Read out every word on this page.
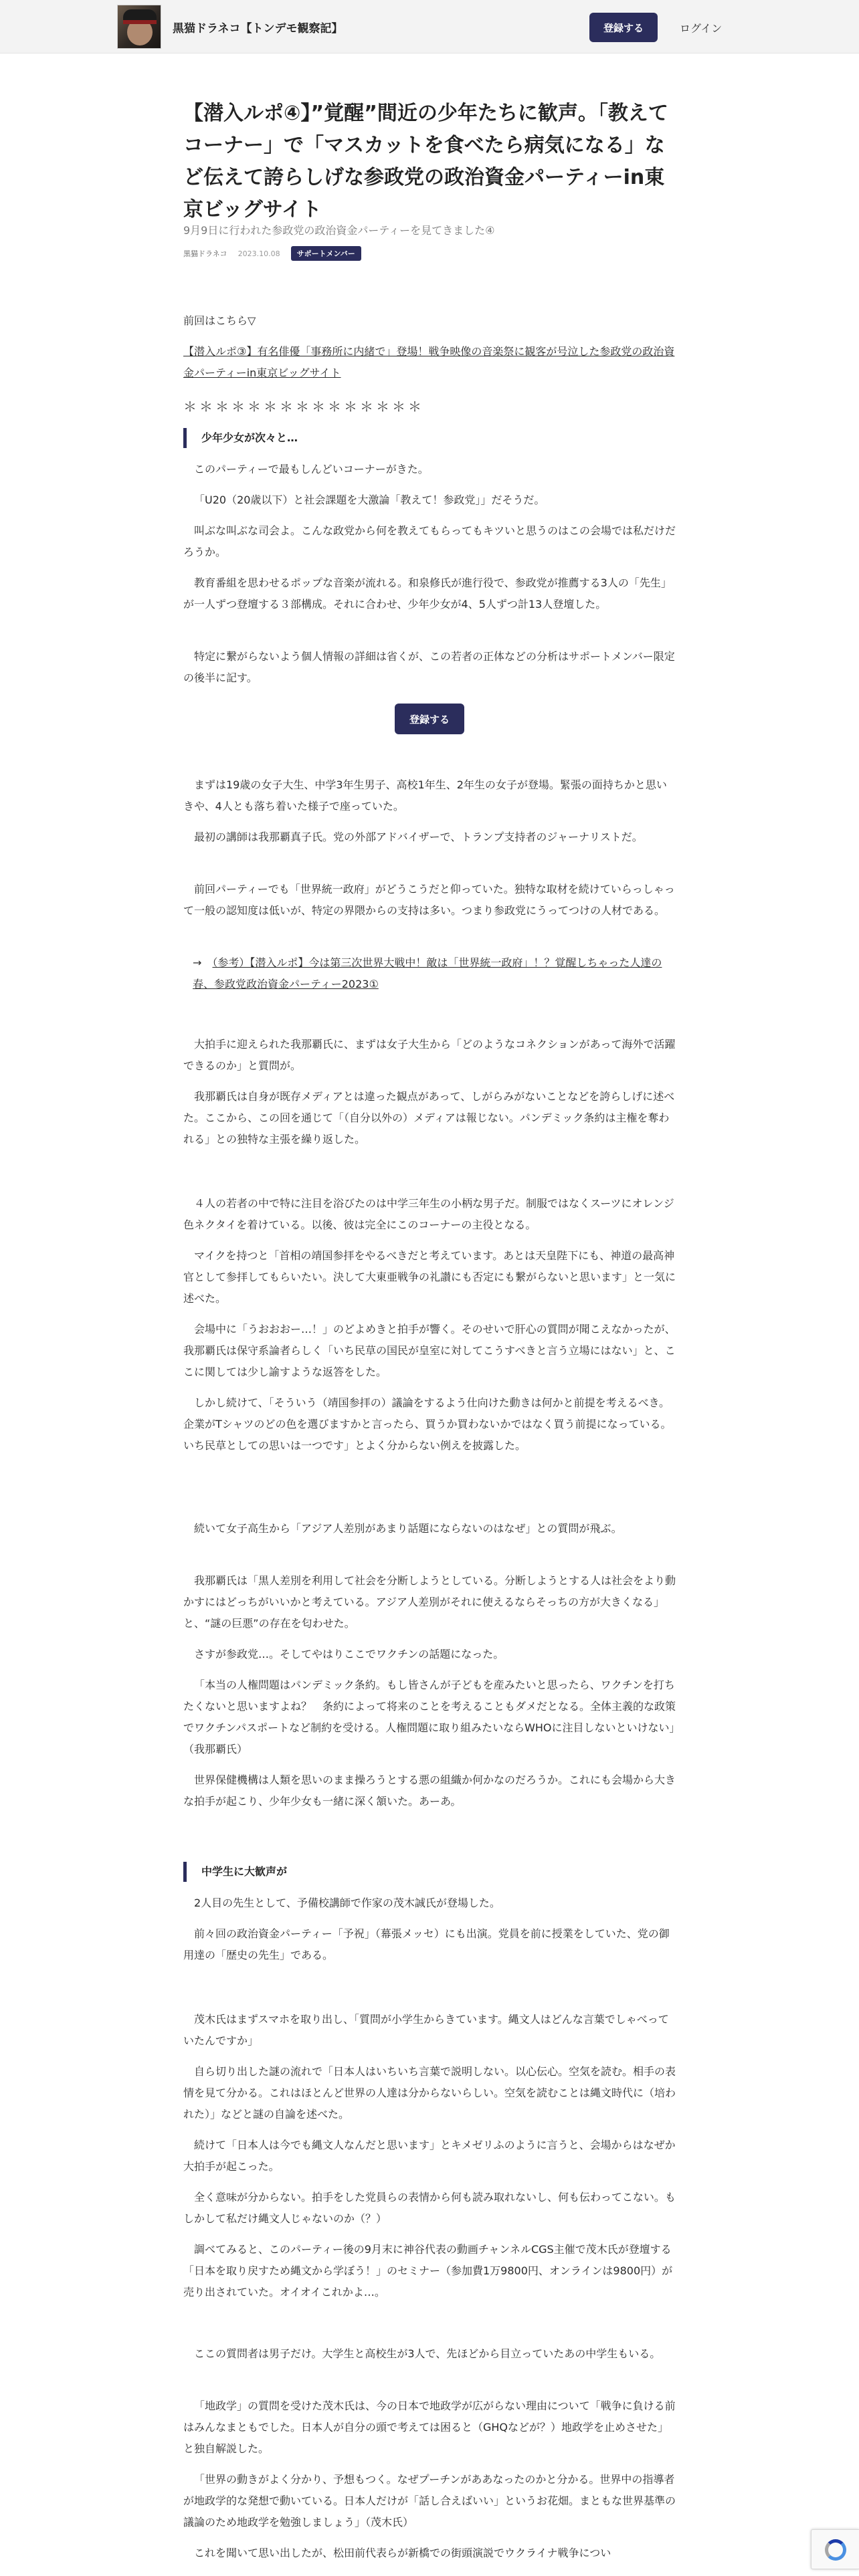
黒猫ドラネコ【トンデモ観察記】	登録する	ログイン
【潜入ルポ④】”覚醒”間近の少年たちに歓声。「教えてコーナー」で「マスカットを食べたら病気になる」など伝えて誇らしげな参政党の政治資金パーティーin東京ビッグサイト
9月9日に行われた参政党の政治資金パーティーを見てきました④
黒猫ドラネコ 2023.10.08	サポートメンバー

前回はこちら▽

【潜入ルポ③】有名俳優「事務所に内緒で」登場！戦争映像の音楽祭に観客が号泣した参政党の政治資金パーティーin東京ビッグサイト

＊＊＊＊＊＊＊＊＊＊＊＊＊＊＊
少年少女が次々と…

このパーティーで最もしんどいコーナーがきた。

「U20（20歳以下）と社会課題を大激論「教えて！参政党」」だそうだ。

叫ぶな叫ぶな司会よ。こんな政党から何を教えてもらってもキツいと思うのはこの会場では私だけだろうか。

教育番組を思わせるポップな音楽が流れる。和泉修氏が進行役で、参政党が推薦する3人の「先生」が一人ずつ登壇する３部構成。それに合わせ、少年少女が4、5人ずつ計13人登壇した。

特定に繋がらないよう個人情報の詳細は省くが、この若者の正体などの分析はサポートメンバー限定の後半に記す。

登録する

まずは19歳の女子大生、中学3年生男子、高校1年生、2年生の女子が登場。緊張の面持ちかと思いきや、4人とも落ち着いた様子で座っていた。

最初の講師は我那覇真子氏。党の外部アドバイザーで、トランプ支持者のジャーナリストだ。

前回パーティーでも「世界統一政府」がどうこうだと仰っていた。独特な取材を続けていらっしゃって一般の認知度は低いが、特定の界隈からの支持は多い。つまり参政党にうってつけの人材である。

→　 （参考）【潜入ルポ】今は第三次世界大戦中！敵は「世界統一政府」！？覚醒しちゃった人達の春、参政党政治資金パーティー2023①

大拍手に迎えられた我那覇氏に、まずは女子大生から「どのようなコネクションがあって海外で活躍できるのか」と質問が。

我那覇氏は自身が既存メディアとは違った観点があって、しがらみがないことなどを誇らしげに述べた。ここから、この回を通じて「（自分以外の）メディアは報じない。パンデミック条約は主権を奪われる」との独特な主張を繰り返した。

４人の若者の中で特に注目を浴びたのは中学三年生の小柄な男子だ。制服ではなくスーツにオレンジ色ネクタイを着けている。以後、彼は完全にこのコーナーの主役となる。

マイクを持つと「首相の靖国参拝をやるべきだと考えています。あとは天皇陛下にも、神道の最高神官として参拝してもらいたい。決して大東亜戦争の礼讃にも否定にも繋がらないと思います」と一気に述べた。

会場中に「うおおおー…！」のどよめきと拍手が響く。そのせいで肝心の質問が聞こえなかったが、我那覇氏は保守系論者らしく「いち民草の国民が皇室に対してこうすべきと言う立場にはない」と、ここに関しては少し諭すような返答をした。

しかし続けて、「そういう（靖国参拝の）議論をするよう仕向けた動きは何かと前提を考えるべき。企業がTシャツのどの色を選びますかと言ったら、買うか買わないかではなく買う前提になっている。いち民草としての思いは一つです」とよく分からない例えを披露した。

続いて女子高生から「アジア人差別があまり話題にならないのはなぜ」との質問が飛ぶ。

我那覇氏は「黒人差別を利用して社会を分断しようとしている。分断しようとする人は社会をより動かすにはどっちがいいかと考えている。アジア人差別がそれに使えるならそっちの方が大きくなる」と、“謎の巨悪”の存在を匂わせた。

さすが参政党…。そしてやはりここでワクチンの話題になった。

「本当の人権問題はパンデミック条約。もし皆さんが子どもを産みたいと思ったら、ワクチンを打ちたくないと思いますよね？　条約によって将来のことを考えることもダメだとなる。全体主義的な政策でワクチンパスポートなど制約を受ける。人権問題に取り組みたいならWHOに注目しないといけない」（我那覇氏）

世界保健機構は人類を思いのまま操ろうとする悪の組織か何かなのだろうか。これにも会場から大きな拍手が起こり、少年少女も一緒に深く頷いた。あーあ。

中学生に大歓声が

2人目の先生として、予備校講師で作家の茂木誠氏が登場した。

前々回の政治資金パーティー「予祝」（幕張メッセ）にも出演。党員を前に授業をしていた、党の御用達の「歴史の先生」である。

茂木氏はまずスマホを取り出し、「質問が小学生からきています。縄文人はどんな言葉でしゃべっていたんですか」

自ら切り出した謎の流れで「日本人はいちいち言葉で説明しない。以心伝心。空気を読む。相手の表情を見て分かる。これはほとんど世界の人達は分からないらしい。空気を読むことは縄文時代に（培われた）」などと謎の自論を述べた。

続けて「日本人は今でも縄文人なんだと思います」とキメゼリふのように言うと、会場からはなぜか大拍手が起こった。

全く意味が分からない。拍手をした党員らの表情から何も読み取れないし、何も伝わってこない。もしかして私だけ縄文人じゃないのか（？）

調べてみると、このパーティー後の9月末に神谷代表の動画チャンネルCGS主催で茂木氏が登壇する「日本を取り戻すため縄文から学ぼう！」のセミナー（参加費1万9800円、オンラインは9800円）が売り出されていた。オイオイこれかよ…。

ここの質問者は男子だけ。大学生と高校生が3人で、先ほどから目立っていたあの中学生もいる。

「地政学」の質問を受けた茂木氏は、今の日本で地政学が広がらない理由について「戦争に負ける前はみんなまともでした。日本人が自分の頭で考えては困ると（GHQなどが？）地政学を止めさせた」と独自解説した。

「世界の動きがよく分かり、予想もつく。なぜプーチンがああなったのかと分かる。世界中の指導者が地政学的な発想で動いている。日本人だけが「話し合えばいい」というお花畑。まともな世界基準の議論のため地政学を勉強しましょう」（茂木氏）

これを聞いて思い出したが、松田前代表らが新橋での街頭演説でウクライナ戦争につい
